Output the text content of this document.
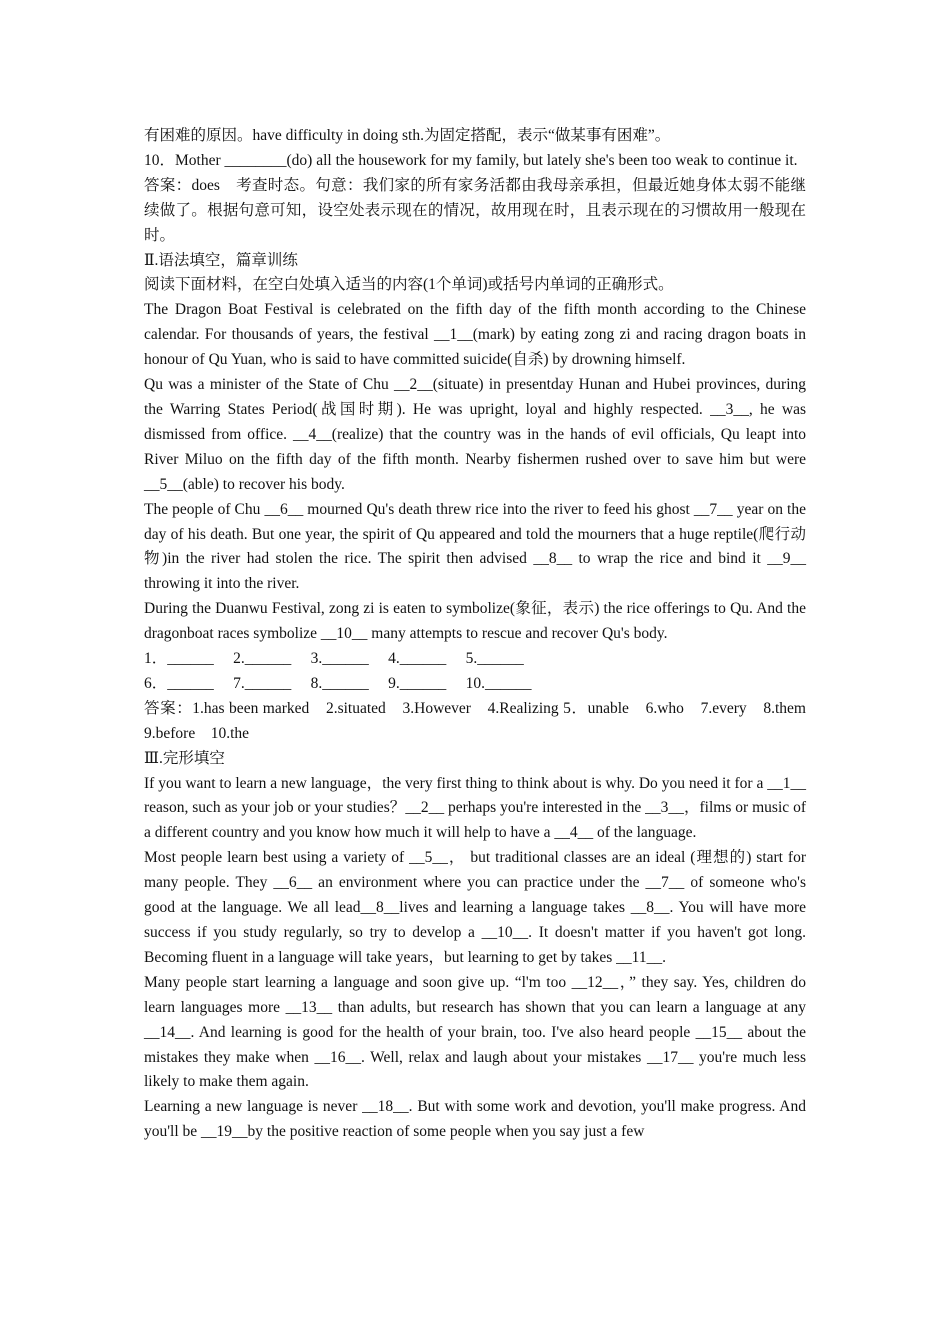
有困难的原因。have difficulty in doing sth.为固定搭配，表示“做某事有困难”。

10．Mother ________(do) all the housework for my family, but lately she's been too weak to continue it.

答案：does　考查时态。句意：我们家的所有家务活都由我母亲承担，但最近她身体太弱不能继续做了。根据句意可知，设空处表示现在的情况，故用现在时，且表示现在的习惯故用一般现在时。

Ⅱ.语法填空，篇章训练

阅读下面材料，在空白处填入适当的内容(1个单词)或括号内单词的正确形式。

The Dragon Boat Festival is celebrated on the fifth day of the fifth month according to the Chinese calendar. For thousands of years, the festival __1__(mark) by eating zong zi and racing dragon boats in honour of Qu Yuan, who is said to have committed suicide(自杀) by drowning himself.

Qu was a minister of the State of Chu __2__(situate) in presentday Hunan and Hubei provinces, during the Warring States Period(战国时期). He was upright, loyal and highly respected. __3__, he was dismissed from office. __4__(realize) that the country was in the hands of evil officials, Qu leapt into River Miluo on the fifth day of the fifth month. Nearby fishermen rushed over to save him but were __5__(able) to recover his body.

The people of Chu __6__ mourned Qu's death threw rice into the river to feed his ghost __7__ year on the day of his death. But one year, the spirit of Qu appeared and told the mourners that a huge reptile(爬行动物)in the river had stolen the rice. The spirit then advised __8__ to wrap the rice and bind it __9__ throwing it into the river.

During the Duanwu Festival, zong zi is eaten to symbolize(象征，表示) the rice offerings to Qu. And the dragonboat races symbolize __10__ many attempts to rescue and recover Qu's body.

1．______　 2.______　 3.______　 4.______　 5.______

6．______　 7.______　 8.______　 9.______　 10.______

答案：1.has been marked　2.situated　3.However　4.Realizing 5．unable　6.who　7.every　8.them　9.before　10.the

Ⅲ.完形填空

If you want to learn a new language，the very first thing to think about is why. Do you need it for a __1__ reason, such as your job or your studies？__2__ perhaps you're interested in the __3__，films or music of a different country and you know how much it will help to have a __4__ of the language.

Most people learn best using a variety of __5__， but traditional classes are an ideal (理想的) start for many people. They __6__ an environment where you can practice under the __7__ of someone who's good at the language. We all lead__8__lives and learning a language takes __8__. You will have more success if you study regularly, so try to develop a __10__. It doesn't matter if you haven't got long. Becoming fluent in a language will take years，but learning to get by takes __11__.

Many people start learning a language and soon give up. “l'm too __12__，” they say. Yes, children do learn languages more __13__ than adults, but research has shown that you can learn a language at any __14__. And learning is good for the health of your brain, too. I've also heard people __15__ about the mistakes they make when __16__. Well, relax and laugh about your mistakes __17__ you're much less likely to make them again.

Learning a new language is never __18__. But with some work and devotion, you'll make progress. And you'll be __19__by the positive reaction of some people when you say just a few
